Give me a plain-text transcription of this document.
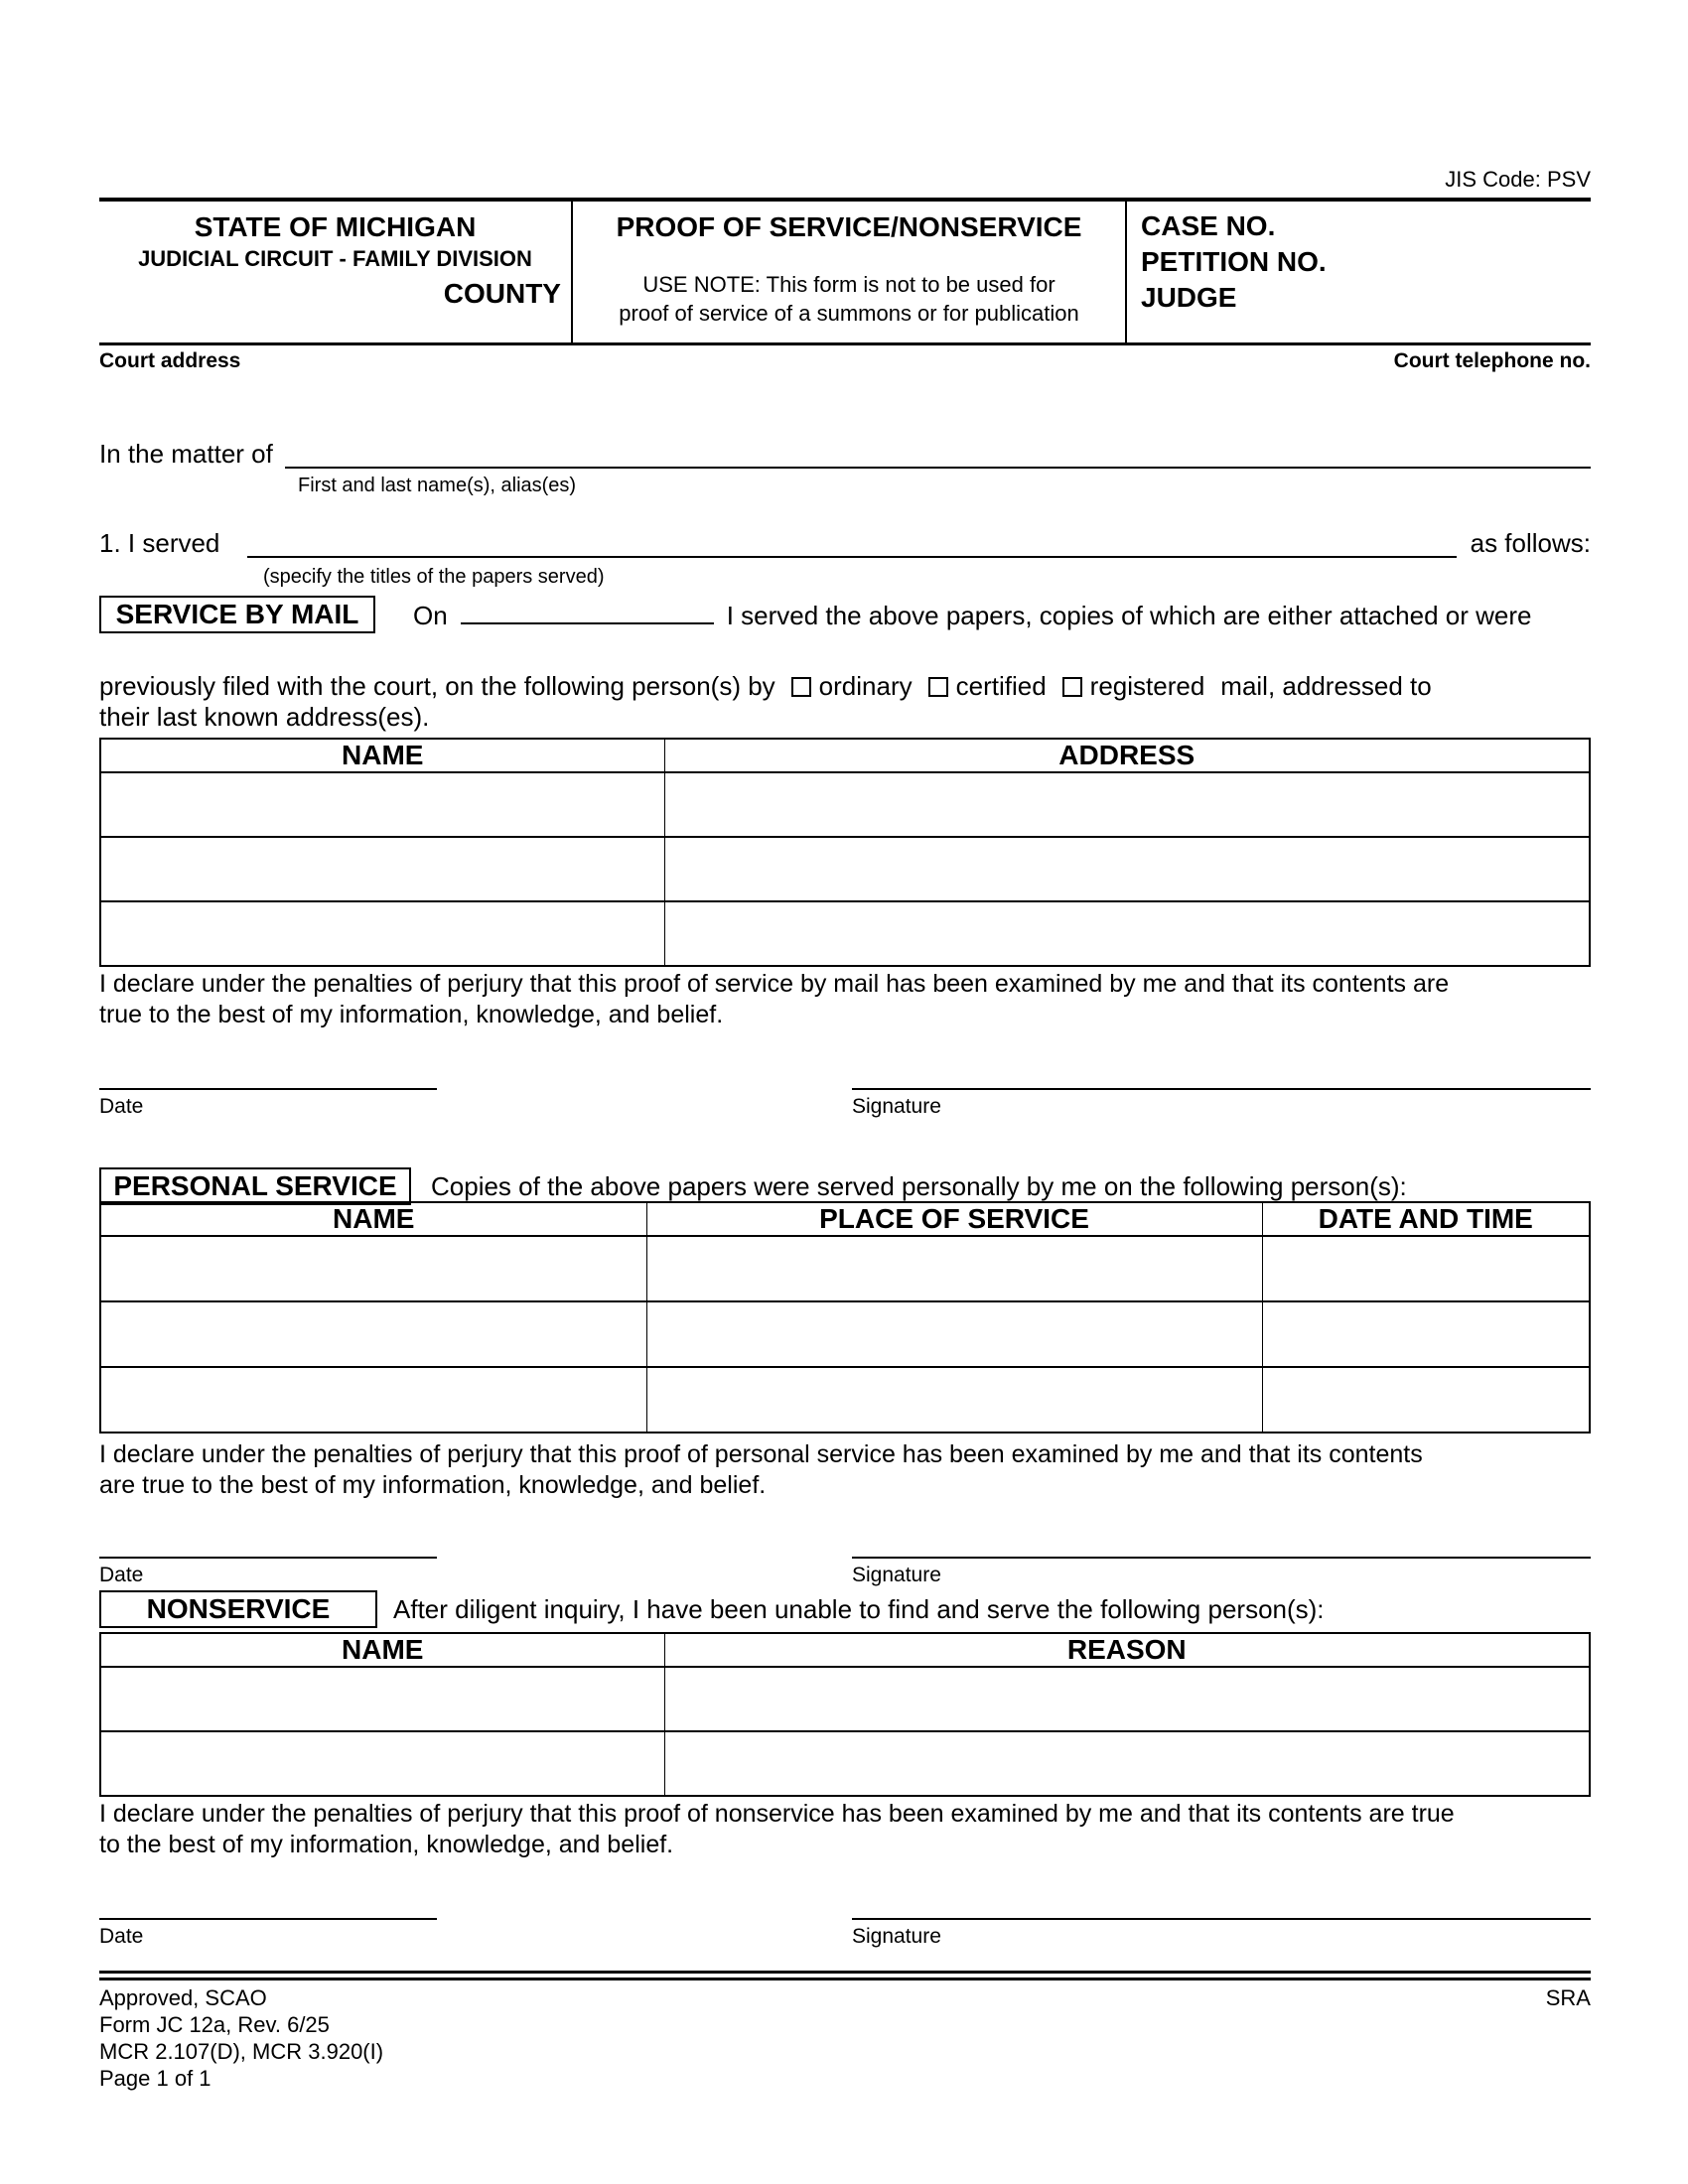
JIS Code: PSV
STATE OF MICHIGAN
JUDICIAL CIRCUIT - FAMILY DIVISION
COUNTY
PROOF OF SERVICE/NONSERVICE
USE NOTE: This form is not to be used for
proof of service of a summons or for publication
CASE NO.
PETITION NO.
JUDGE
Court address	Court telephone no.
In the matter of
First and last name(s), alias(es)
1. I served	as follows:
(specify the titles of the papers served)
SERVICE BY MAIL On	I served the above papers, copies of which are either attached or were
previously filed with the court, on the following person(s) by ordinary certified registered mail, addressed to
their last known address(es).
NAME	ADDRESS

I declare under the penalties of perjury that this proof of service by mail has been examined by me and that its contents are
true to the best of my information, knowledge, and belief.
Date	Signature
PERSONAL SERVICE Copies of the above papers were served personally by me on the following person(s):
NAME	PLACE OF SERVICE	DATE AND TIME

I declare under the penalties of perjury that this proof of personal service has been examined by me and that its contents
are true to the best of my information, knowledge, and belief.
Date	Signature
NONSERVICE After diligent inquiry, I have been unable to find and serve the following person(s):
NAME	REASON

I declare under the penalties of perjury that this proof of nonservice has been examined by me and that its contents are true
to the best of my information, knowledge, and belief.
Date	Signature
Approved, SCAO
Form JC 12a, Rev. 6/25
MCR 2.107(D), MCR 3.920(I)
Page 1 of 1
SRA
